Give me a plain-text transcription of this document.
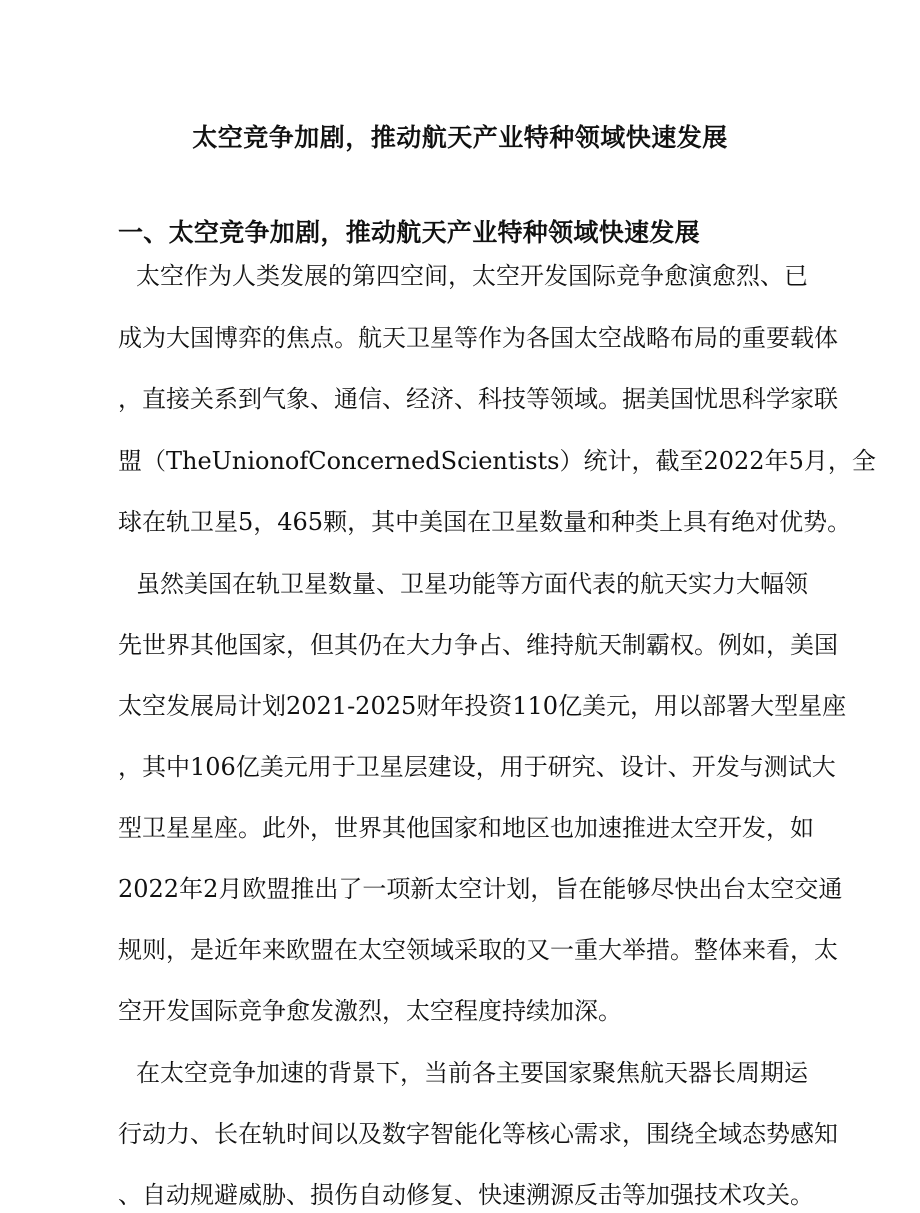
太空竞争加剧，推动航天产业特种领域快速发展
一、太空竞争加剧，推动航天产业特种领域快速发展

太空作为人类发展的第四空间，太空开发国际竞争愈演愈烈、已

成为大国博弈的焦点。航天卫星等作为各国太空战略布局的重要载体

，直接关系到气象、通信、经济、科技等领域。据美国忧思科学家联

盟（TheUnionofConcernedScientists）统计，截至2022年5月，全

球在轨卫星5，465颗，其中美国在卫星数量和种类上具有绝对优势。

虽然美国在轨卫星数量、卫星功能等方面代表的航天实力大幅领

先世界其他国家，但其仍在大力争占、维持航天制霸权。例如，美国

太空发展局计划2021-2025财年投资110亿美元，用以部署大型星座

，其中106亿美元用于卫星层建设，用于研究、设计、开发与测试大

型卫星星座。此外，世界其他国家和地区也加速推进太空开发，如

2022年2月欧盟推出了一项新太空计划，旨在能够尽快出台太空交通

规则，是近年来欧盟在太空领域采取的又一重大举措。整体来看，太

空开发国际竞争愈发激烈，太空程度持续加深。

在太空竞争加速的背景下，当前各主要国家聚焦航天器长周期运

行动力、长在轨时间以及数字智能化等核心需求，围绕全域态势感知

、自动规避威胁、损伤自动修复、快速溯源反击等加强技术攻关。
